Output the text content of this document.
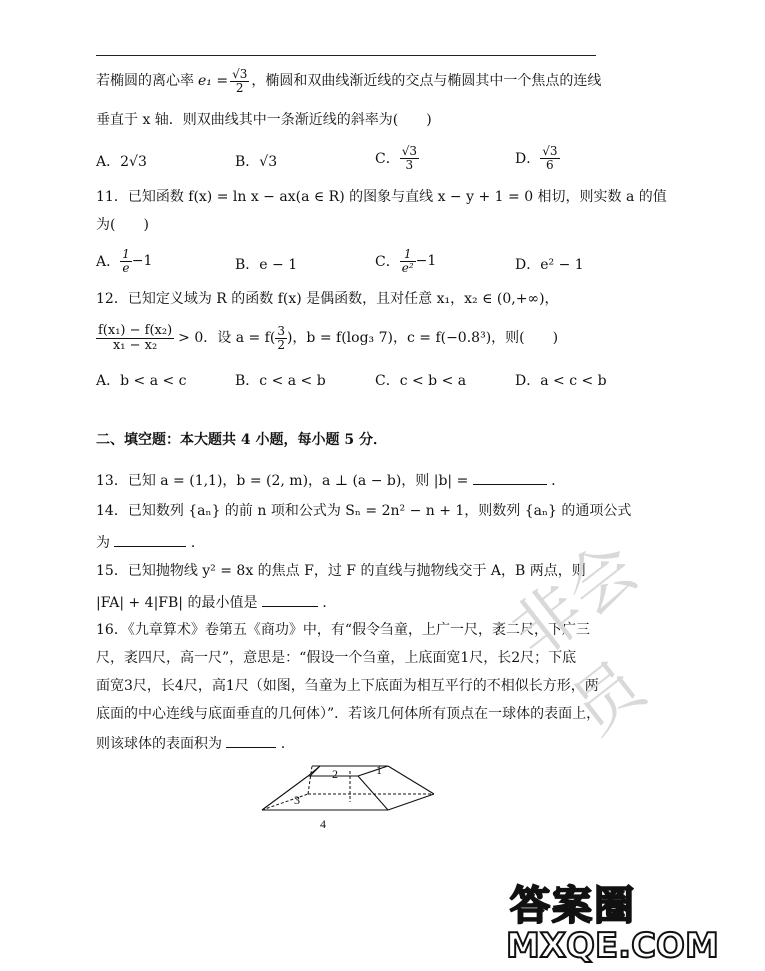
若椭圆的离心率 $e_1 = \frac{√3}{2}$ ，椭圆和双曲线渐近线的交点与椭圆其中一个焦点的连线
垂直于 x 轴．则双曲线其中一条渐近线的斜率为(　　)
A．2√3	B．√3	C． $\frac{√3}{3}$	D． $\frac{√3}{6}$
11．已知函数 f(x) = ln x − ax(a ∈ R) 的图象与直线 x − y + 1 = 0 相切，则实数 a 的值
为(　　)
A． $\frac{1}{e} -1$	B．e − 1	C． $\frac{1}{\text{e²}} -1$	D．e² − 1
12．已知定义域为 R 的函数 f(x) 是偶函数，且对任意 x₁，x₂ ∈ (0,+∞)，
$\frac{\text{f(x₁) − f(x₂)}}{\text{x₁ − x₂}} > 0$．设 $a = f( \frac{3}{2}$ )，b = f(log₃ 7)，c = f(−0.8³)，则(　　)
A．b < a < c	B．c < a < b	C．c < b < a	D．a < c < b
二、填空题：本大题共 4 小题，每小题 5 分．
13．已知 a = (1,1)，b = (2, m)，a ⊥ (a − b)，则 |b| =	．
14．已知数列 {aₙ} 的前 n 项和公式为 Sₙ = 2n² − n + 1，则数列 {aₙ} 的通项公式
为	．
15．已知抛物线 y² = 8x 的焦点 F，过 F 的直线与抛物线交于 A，B 两点，则
|FA| + 4|FB| 的最小值是	．
16．《九章算术》卷第五《商功》中，有“假令刍童，上广一尺，袤二尺，下广三
尺，袤四尺，高一尺”，意思是：“假设一个刍童，上底面宽1尺，长2尺；下底
面宽3尺，长4尺，高1尺（如图，刍童为上下底面为相互平行的不相似长方形，两
底面的中心连线与底面垂直的几何体）”．若该几何体所有顶点在一球体的表面上，
则该球体的表面积为	．
2	1
3
4
非会员
答案圈
MXQE.COM
